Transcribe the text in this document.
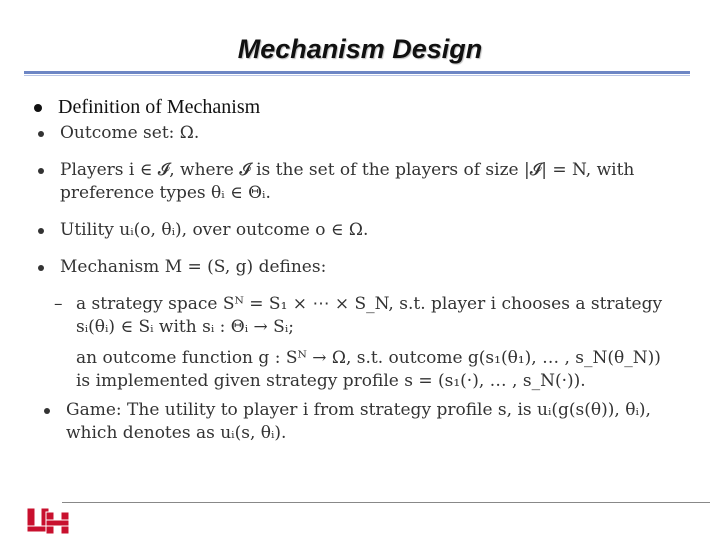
Mechanism Design
Definition of Mechanism
Outcome set: Ω.
Players i ∈ 𝓘, where 𝓘 is the set of the players of size |𝓘| = N, with
preference types θᵢ ∈ Θᵢ.
Utility uᵢ(o, θᵢ), over outcome o ∈ Ω.
Mechanism M = (S, g) defines:
– a strategy space Sᴺ = S₁ × ⋯ × S_N, s.t. player i chooses a strategy
sᵢ(θᵢ) ∈ Sᵢ with sᵢ : Θᵢ → Sᵢ;
an outcome function g : Sᴺ → Ω, s.t. outcome g(s₁(θ₁), … , s_N(θ_N))
is implemented given strategy profile s = (s₁(·), … , s_N(·)).
Game: The utility to player i from strategy profile s, is uᵢ(g(s(θ)), θᵢ),
which denotes as uᵢ(s, θᵢ).
